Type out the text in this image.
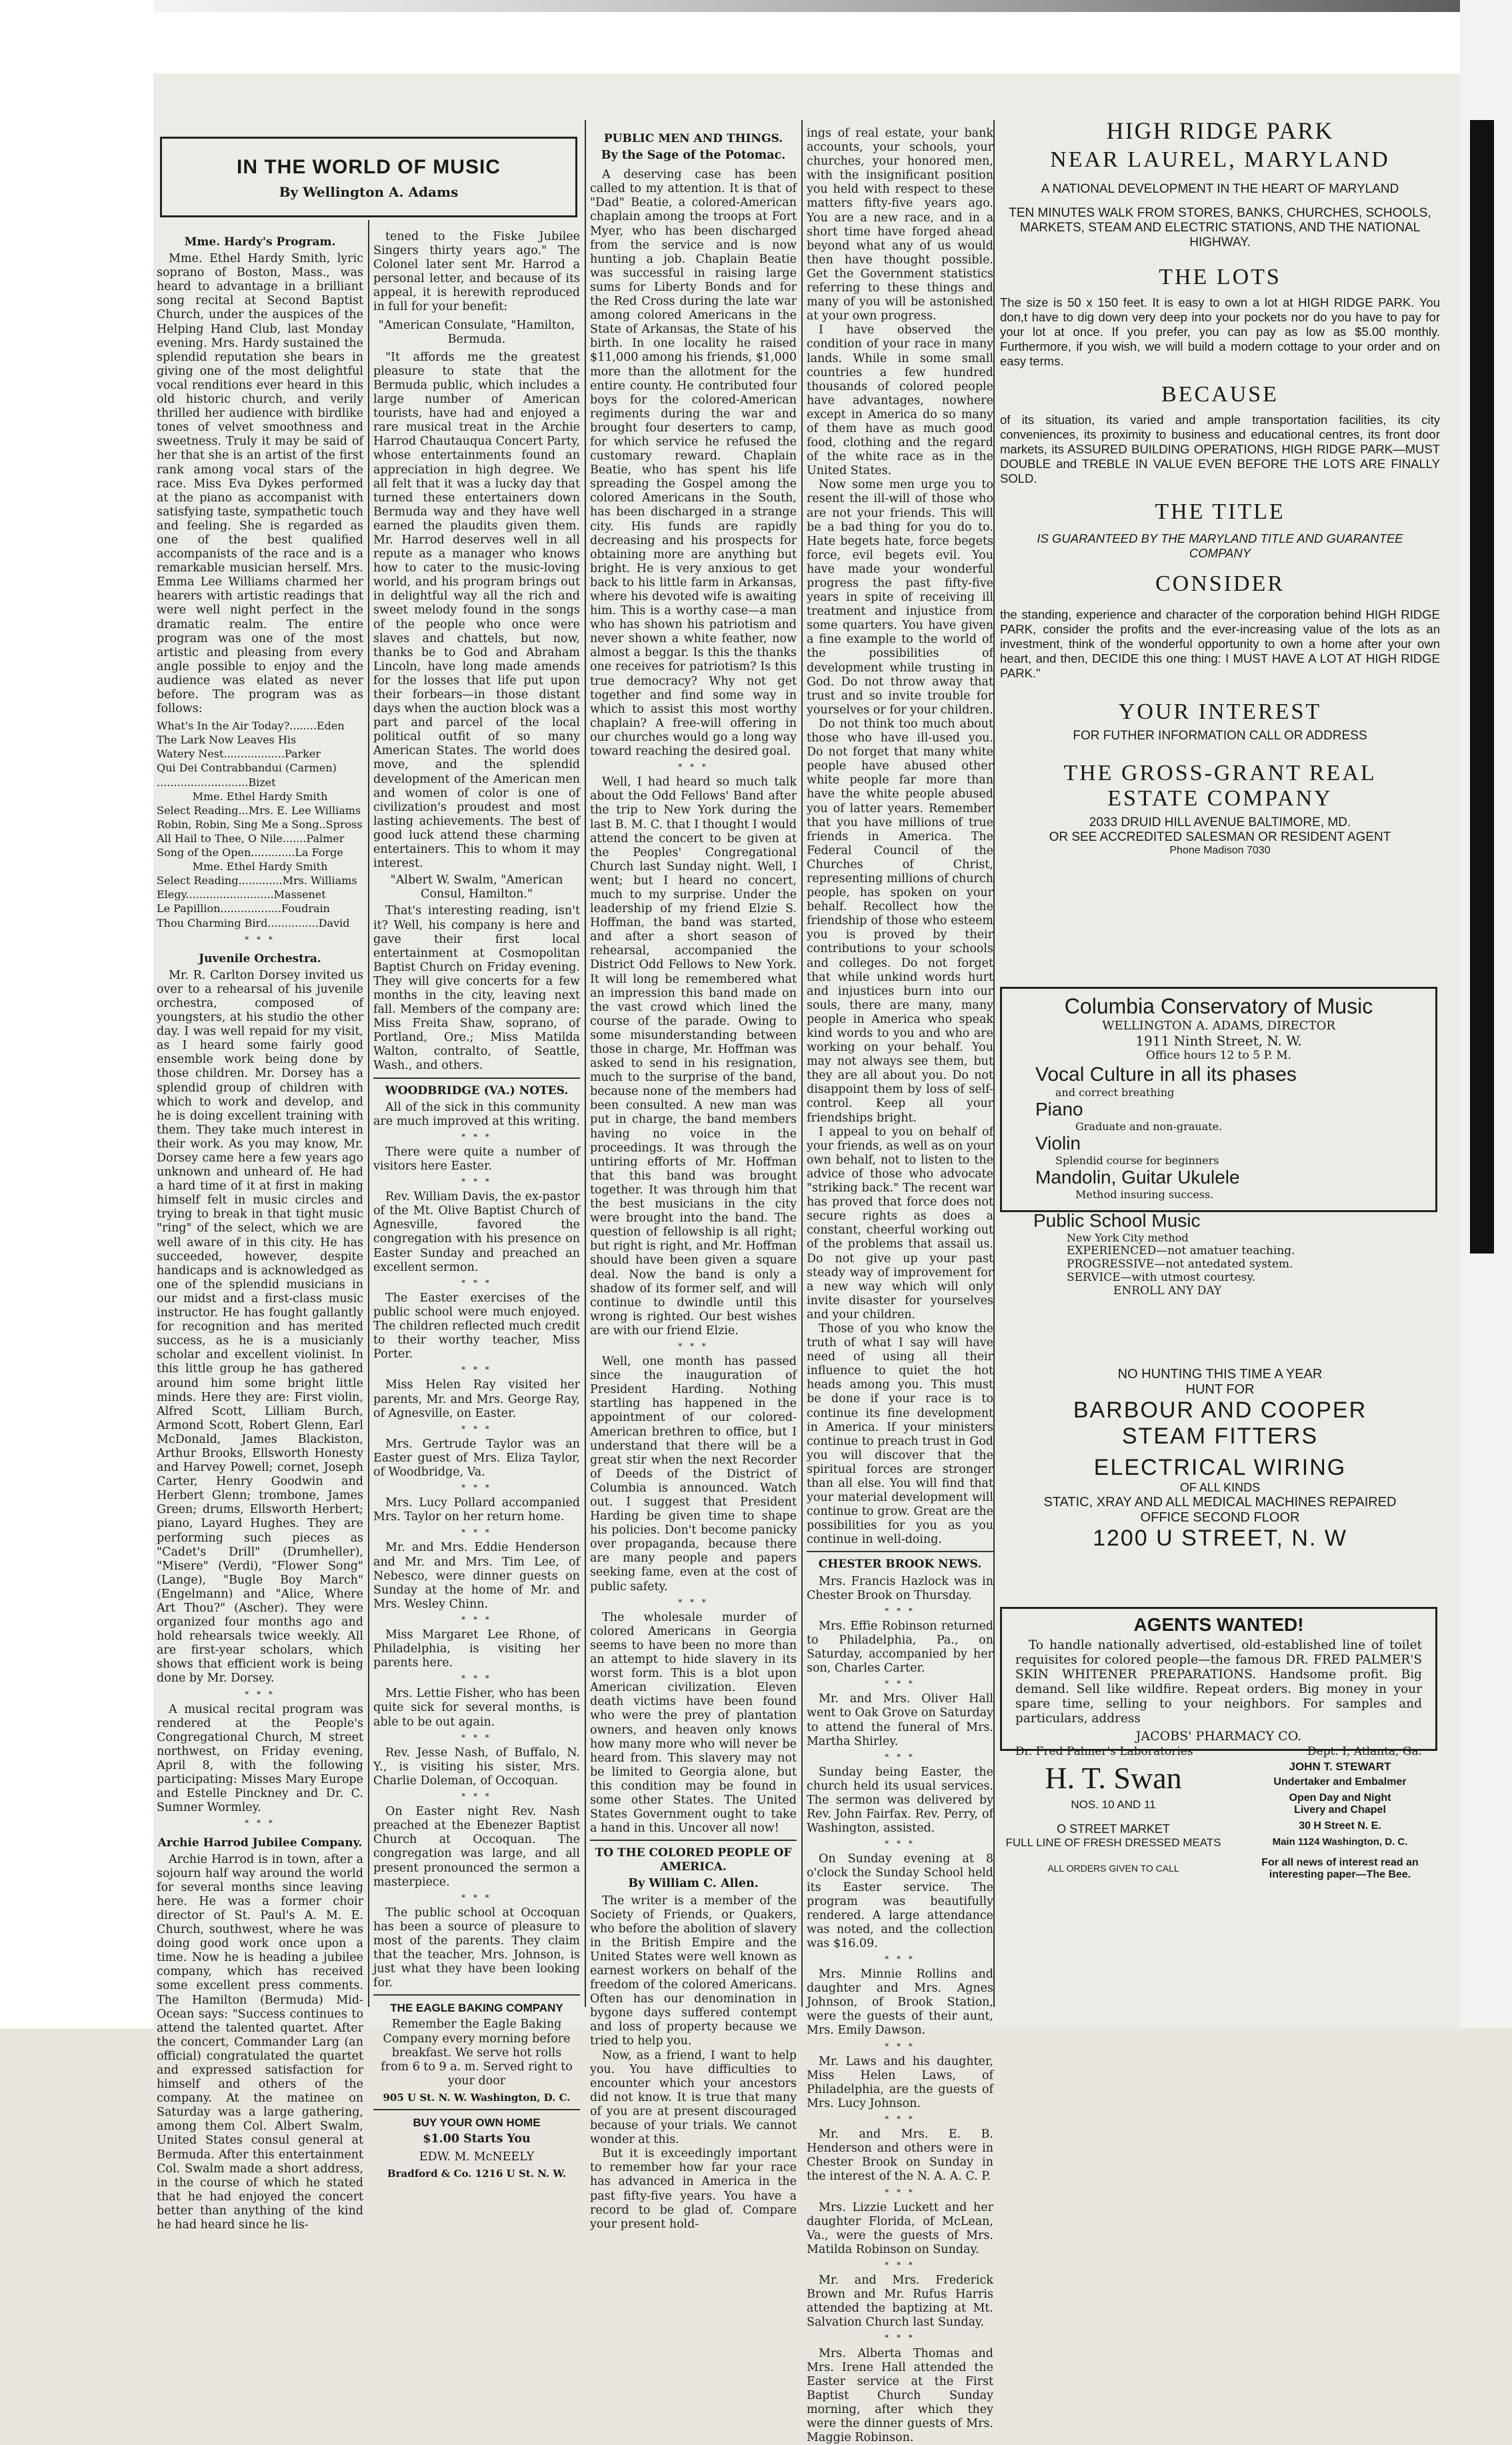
IN THE WORLD OF MUSIC
By Wellington A. Adams
Mme. Hardy's Program.

Mme. Ethel Hardy Smith, lyric soprano of Boston, Mass., was heard to advantage in a brilliant song recital at Second Baptist Church, under the auspices of the Helping Hand Club, last Monday evening. Mrs. Hardy sustained the splendid reputation she bears in giving one of the most delightful vocal renditions ever heard in this old historic church, and verily thrilled her audience with birdlike tones of velvet smoothness and sweetness. Truly it may be said of her that she is an artist of the first rank among vocal stars of the race. Miss Eva Dykes performed at the piano as accompanist with satisfying taste, sympathetic touch and feeling. She is regarded as one of the best qualified accompanists of the race and is a remarkable musician herself. Mrs. Emma Lee Williams charmed her hearers with artistic readings that were well night perfect in the dramatic realm. The entire program was one of the most artistic and pleasing from every angle possible to enjoy and the audience was elated as never before. The program was as follows:

What's In the Air Today?........Eden
The Lark Now Leaves His
Watery Nest..................Parker
Qui Dei Contrabbandui (Carmen)
...........................Bizet
Mme. Ethel Hardy Smith
Select Reading...Mrs. E. Lee Williams
Robin, Robin, Sing Me a Song..Spross
All Hail to Thee, O Nile.......Palmer
Song of the Open.............La Forge
Mme. Ethel Hardy Smith
Select Reading.............Mrs. Williams
Elegy..........................Massenet
Le Papillion..................Foudrain
Thou Charming Bird...............David
* * *
Juvenile Orchestra.

Mr. R. Carlton Dorsey invited us over to a rehearsal of his juvenile orchestra, composed of youngsters, at his studio the other day. I was well repaid for my visit, as I heard some fairly good ensemble work being done by those children. Mr. Dorsey has a splendid group of children with which to work and develop, and he is doing excellent training with them. They take much interest in their work. As you may know, Mr. Dorsey came here a few years ago unknown and unheard of. He had a hard time of it at first in making himself felt in music circles and trying to break in that tight music "ring" of the select, which we are well aware of in this city. He has succeeded, however, despite handicaps and is acknowledged as one of the splendid musicians in our midst and a first-class music instructor. He has fought gallantly for recognition and has merited success, as he is a musicianly scholar and excellent violinist. In this little group he has gathered around him some bright little minds. Here they are: First violin, Alfred Scott, Lilliam Burch, Armond Scott, Robert Glenn, Earl McDonald, James Blackiston, Arthur Brooks, Ellsworth Honesty and Harvey Powell; cornet, Joseph Carter, Henry Goodwin and Herbert Glenn; trombone, James Green; drums, Ellsworth Herbert; piano, Layard Hughes. They are performing such pieces as "Cadet's Drill" (Drumheller), "Misere" (Verdi), "Flower Song" (Lange), "Bugle Boy March" (Engelmann) and "Alice, Where Art Thou?" (Ascher). They were organized four months ago and hold rehearsals twice weekly. All are first-year scholars, which shows that efficient work is being done by Mr. Dorsey.

* * *

A musical recital program was rendered at the People's Congregational Church, M street northwest, on Friday evening, April 8, with the following participating: Misses Mary Europe and Estelle Pinckney and Dr. C. Sumner Wormley.

* * *
Archie Harrod Jubilee Company.

Archie Harrod is in town, after a sojourn half way around the world for several months since leaving here. He was a former choir director of St. Paul's A. M. E. Church, southwest, where he was doing good work once upon a time. Now he is heading a jubilee company, which has received some excellent press comments. The Hamilton (Bermuda) Mid-Ocean says: "Success continues to attend the talented quartet. After the concert, Commander Larg (an official) congratulated the quartet and expressed satisfaction for himself and others of the company. At the matinee on Saturday was a large gathering, among them Col. Albert Swalm, United States consul general at Bermuda. After this entertainment Col. Swalm made a short address, in the course of which he stated that he had enjoyed the concert better than anything of the kind he had heard since he lis-

tened to the Fiske Jubilee Singers thirty years ago." The Colonel later sent Mr. Harrod a personal letter, and because of its appeal, it is herewith reproduced in full for your benefit:

"American Consulate, "Hamilton, Bermuda.

"It affords me the greatest pleasure to state that the Bermuda public, which includes a large number of American tourists, have had and enjoyed a rare musical treat in the Archie Harrod Chautauqua Concert Party, whose entertainments found an appreciation in high degree. We all felt that it was a lucky day that turned these entertainers down Bermuda way and they have well earned the plaudits given them. Mr. Harrod deserves well in all repute as a manager who knows how to cater to the music-loving world, and his program brings out in delightful way all the rich and sweet melody found in the songs of the people who once were slaves and chattels, but now, thanks be to God and Abraham Lincoln, have long made amends for the losses that life put upon their forbears—in those distant days when the auction block was a part and parcel of the local political outfit of so many American States. The world does move, and the splendid development of the American men and women of color is one of civilization's proudest and most lasting achievements. The best of good luck attend these charming entertainers. This to whom it may interest.

"Albert W. Swalm, "American Consul, Hamilton."

That's interesting reading, isn't it? Well, his company is here and gave their first local entertainment at Cosmopolitan Baptist Church on Friday evening. They will give concerts for a few months in the city, leaving next fall. Members of the company are: Miss Freita Shaw, soprano, of Portland, Ore.; Miss Matilda Walton, contralto, of Seattle, Wash., and others.

WOODBRIDGE (VA.) NOTES.

All of the sick in this community are much improved at this writing.

* * *

There were quite a number of visitors here Easter.

* * *

Rev. William Davis, the ex-pastor of the Mt. Olive Baptist Church of Agnesville, favored the congregation with his presence on Easter Sunday and preached an excellent sermon.

* * *

The Easter exercises of the public school were much enjoyed. The children reflected much credit to their worthy teacher, Miss Porter.

* * *

Miss Helen Ray visited her parents, Mr. and Mrs. George Ray, of Agnesville, on Easter.

* * *

Mrs. Gertrude Taylor was an Easter guest of Mrs. Eliza Taylor, of Woodbridge, Va.

* * *

Mrs. Lucy Pollard accompanied Mrs. Taylor on her return home.

* * *

Mr. and Mrs. Eddie Henderson and Mr. and Mrs. Tim Lee, of Nebesco, were dinner guests on Sunday at the home of Mr. and Mrs. Wesley Chinn.

* * *

Miss Margaret Lee Rhone, of Philadelphia, is visiting her parents here.

* * *

Mrs. Lettie Fisher, who has been quite sick for several months, is able to be out again.

* * *

Rev. Jesse Nash, of Buffalo, N. Y., is visiting his sister, Mrs. Charlie Doleman, of Occoquan.

* * *

On Easter night Rev. Nash preached at the Ebenezer Baptist Church at Occoquan. The congregation was large, and all present pronounced the sermon a masterpiece.

* * *

The public school at Occoquan has been a source of pleasure to most of the parents. They claim that the teacher, Mrs. Johnson, is just what they have been looking for.

THE EAGLE BAKING COMPANY

Remember the Eagle Baking Company every morning before breakfast. We serve hot rolls from 6 to 9 a. m. Served right to your door

905 U St. N. W. Washington, D. C.
BUY YOUR OWN HOME
$1.00 Starts You
EDW. M. McNEELY
Bradford & Co. 1216 U St. N. W.
PUBLIC MEN AND THINGS.
By the Sage of the Potomac.

A deserving case has been called to my attention. It is that of "Dad" Beatie, a colored-American chaplain among the troops at Fort Myer, who has been discharged from the service and is now hunting a job. Chaplain Beatie was successful in raising large sums for Liberty Bonds and for the Red Cross during the late war among colored Americans in the State of Arkansas, the State of his birth. In one locality he raised $11,000 among his friends, $1,000 more than the allotment for the entire county. He contributed four boys for the colored-American regiments during the war and brought four deserters to camp, for which service he refused the customary reward. Chaplain Beatie, who has spent his life spreading the Gospel among the colored Americans in the South, has been discharged in a strange city. His funds are rapidly decreasing and his prospects for obtaining more are anything but bright. He is very anxious to get back to his little farm in Arkansas, where his devoted wife is awaiting him. This is a worthy case—a man who has shown his patriotism and never shown a white feather, now almost a beggar. Is this the thanks one receives for patriotism? Is this true democracy? Why not get together and find some way in which to assist this most worthy chaplain? A free-will offering in our churches would go a long way toward reaching the desired goal.

* * *

Well, I had heard so much talk about the Odd Fellows' Band after the trip to New York during the last B. M. C. that I thought I would attend the concert to be given at the Peoples' Congregational Church last Sunday night. Well, I went; but I heard no concert, much to my surprise. Under the leadership of my friend Elzie S. Hoffman, the band was started, and after a short season of rehearsal, accompanied the District Odd Fellows to New York. It will long be remembered what an impression this band made on the vast crowd which lined the course of the parade. Owing to some misunderstanding between those in charge, Mr. Hoffman was asked to send in his resignation, much to the surprise of the band, because none of the members had been consulted. A new man was put in charge, the band members having no voice in the proceedings. It was through the untiring efforts of Mr. Hoffman that this band was brought together. It was through him that the best musicians in the city were brought into the band. The question of fellowship is all right; but right is right, and Mr. Hoffman should have been given a square deal. Now the band is only a shadow of its former self, and will continue to dwindle until this wrong is righted. Our best wishes are with our friend Elzie.

* * *

Well, one month has passed since the inauguration of President Harding. Nothing startling has happened in the appointment of our colored-American brethren to office, but I understand that there will be a great stir when the next Recorder of Deeds of the District of Columbia is announced. Watch out. I suggest that President Harding be given time to shape his policies. Don't become panicky over propaganda, because there are many people and papers seeking fame, even at the cost of public safety.

* * *

The wholesale murder of colored Americans in Georgia seems to have been no more than an attempt to hide slavery in its worst form. This is a blot upon American civilization. Eleven death victims have been found who were the prey of plantation owners, and heaven only knows how many more who will never be heard from. This slavery may not be limited to Georgia alone, but this condition may be found in some other States. The United States Government ought to take a hand in this. Uncover all now!

TO THE COLORED PEOPLE OF AMERICA.
By William C. Allen.

The writer is a member of the Society of Friends, or Quakers, who before the abolition of slavery in the British Empire and the United States were well known as earnest workers on behalf of the freedom of the colored Americans. Often has our denomination in bygone days suffered contempt and loss of property because we tried to help you.

Now, as a friend, I want to help you. You have difficulties to encounter which your ancestors did not know. It is true that many of you are at present discouraged because of your trials. We cannot wonder at this.

But it is exceedingly important to remember how far your race has advanced in America in the past fifty-five years. You have a record to be glad of. Compare your present hold-

ings of real estate, your bank accounts, your schools, your churches, your honored men, with the insignificant position you held with respect to these matters fifty-five years ago. You are a new race, and in a short time have forged ahead beyond what any of us would then have thought possible. Get the Government statistics referring to these things and many of you will be astonished at your own progress.

I have observed the condition of your race in many lands. While in some small countries a few hundred thousands of colored people have advantages, nowhere except in America do so many of them have as much good food, clothing and the regard of the white race as in the United States.

Now some men urge you to resent the ill-will of those who are not your friends. This will be a bad thing for you do to. Hate begets hate, force begets force, evil begets evil. You have made your wonderful progress the past fifty-five years in spite of receiving ill treatment and injustice from some quarters. You have given a fine example to the world of the possibilities of development while trusting in God. Do not throw away that trust and so invite trouble for yourselves or for your children.

Do not think too much about those who have ill-used you. Do not forget that many white people have abused other white people far more than have the white people abused you of latter years. Remember that you have millions of true friends in America. The Federal Council of the Churches of Christ, representing millions of church people, has spoken on your behalf. Recollect how the friendship of those who esteem you is proved by their contributions to your schools and colleges. Do not forget that while unkind words hurt and injustices burn into our souls, there are many, many people in America who speak kind words to you and who are working on your behalf. You may not always see them, but they are all about you. Do not disappoint them by loss of self-control. Keep all your friendships bright.

I appeal to you on behalf of your friends, as well as on your own behalf, not to listen to the advice of those who advocate "striking back." The recent war has proved that force does not secure rights as does a constant, cheerful working out of the problems that assail us. Do not give up your past steady way of improvement for a new way which will only invite disaster for yourselves and your children.

Those of you who know the truth of what I say will have need of using all their influence to quiet the hot heads among you. This must be done if your race is to continue its fine development in America. If your ministers continue to preach trust in God you will discover that the spiritual forces are stronger than all else. You will find that your material development will continue to grow. Great are the possibilities for you as you continue in well-doing.

CHESTER BROOK NEWS.

Mrs. Francis Hazlock was in Chester Brook on Thursday.

* * *

Mrs. Effie Robinson returned to Philadelphia, Pa., on Saturday, accompanied by her son, Charles Carter.

* * *

Mr. and Mrs. Oliver Hall went to Oak Grove on Saturday to attend the funeral of Mrs. Martha Shirley.

* * *

Sunday being Easter, the church held its usual services. The sermon was delivered by Rev. John Fairfax. Rev. Perry, of Washington, assisted.

* * *

On Sunday evening at 8 o'clock the Sunday School held its Easter service. The program was beautifully rendered. A large attendance was noted, and the collection was $16.09.

* * *

Mrs. Minnie Rollins and daughter and Mrs. Agnes Johnson, of Brook Station, were the guests of their aunt, Mrs. Emily Dawson.

* * *

Mr. Laws and his daughter, Miss Helen Laws, of Philadelphia, are the guests of Mrs. Lucy Johnson.

* * *

Mr. and Mrs. E. B. Henderson and others were in Chester Brook on Sunday in the interest of the N. A. A. C. P.

* * *

Mrs. Lizzie Luckett and her daughter Florida, of McLean, Va., were the guests of Mrs. Matilda Robinson on Sunday.

* * *

Mr. and Mrs. Frederick Brown and Mr. Rufus Harris attended the baptizing at Mt. Salvation Church last Sunday.

* * *

Mrs. Alberta Thomas and Mrs. Irene Hall attended the Easter service at the First Baptist Church Sunday morning, after which they were the dinner guests of Mrs. Maggie Robinson.

HIGH RIDGE PARK
NEAR LAUREL, MARYLAND
A NATIONAL DEVELOPMENT IN THE HEART OF MARYLAND
TEN MINUTES WALK FROM STORES, BANKS, CHURCHES, SCHOOLS, MARKETS, STEAM AND ELECTRIC STATIONS, AND THE NATIONAL HIGHWAY.
THE LOTS
The size is 50 x 150 feet. It is easy to own a lot at HIGH RIDGE PARK. You don,t have to dig down very deep into your pockets nor do you have to pay for your lot at once. If you prefer, you can pay as low as $5.00 monthly. Furthermore, if you wish, we will build a modern cottage to your order and on easy terms.
BECAUSE
of its situation, its varied and ample transportation facilities, its city conveniences, its proximity to business and educational centres, its front door markets, its ASSURED BUILDING OPERATIONS, HIGH RIDGE PARK—MUST DOUBLE and TREBLE IN VALUE EVEN BEFORE THE LOTS ARE FINALLY SOLD.
THE TITLE
IS GUARANTEED BY THE MARYLAND TITLE AND GUARANTEE COMPANY
CONSIDER
the standing, experience and character of the corporation behind HIGH RIDGE PARK, consider the profits and the ever-increasing value of the lots as an investment, think of the wonderful opportunity to own a home after your own heart, and then, DECIDE this one thing: I MUST HAVE A LOT AT HIGH RIDGE PARK."
YOUR INTEREST
FOR FUTHER INFORMATION CALL OR ADDRESS
THE GROSS-GRANT REAL
ESTATE COMPANY
2033 DRUID HILL AVENUE BALTIMORE, MD.
OR SEE ACCREDITED SALESMAN OR RESIDENT AGENT
Phone Madison 7030
Columbia Conservatory of Music
WELLINGTON A. ADAMS, DIRECTOR
1911 Ninth Street, N. W.
Office hours 12 to 5 P. M.
Vocal Culture in all its phases
and correct breathing
Piano
Graduate and non-grauate.
Violin
Splendid course for beginners
Mandolin, Guitar Ukulele
Method insuring success.
Public School Music
New York City method
EXPERIENCED—not amatuer teaching.
PROGRESSIVE—not antedated system.
SERVICE—with utmost courtesy.
ENROLL ANY DAY
NO HUNTING THIS TIME A YEAR
HUNT FOR
BARBOUR AND COOPER
STEAM FITTERS
ELECTRICAL WIRING
OF ALL KINDS
STATIC, XRAY AND ALL MEDICAL MACHINES REPAIRED
OFFICE SECOND FLOOR
1200 U STREET, N. W
AGENTS WANTED!
To handle nationally advertised, old-established line of toilet requisites for colored people—the famous DR. FRED PALMER'S SKIN WHITENER PREPARATIONS. Handsome profit. Big demand. Sell like wildfire. Repeat orders. Big money in your spare time, selling to your neighbors. For samples and particulars, address
JACOBS' PHARMACY CO.
Dr. Fred Palmer's Laboratories	Dept. I, Atlanta, Ga.
H. T. Swan
NOS. 10 AND 11
O STREET MARKET
FULL LINE OF FRESH DRESSED MEATS
ALL ORDERS GIVEN TO CALL
JOHN T. STEWART
Undertaker and Embalmer
Open Day and Night
Livery and Chapel
30 H Street N. E.
Main 1124 Washington, D. C.
For all news of interest read an interesting paper—The Bee.
